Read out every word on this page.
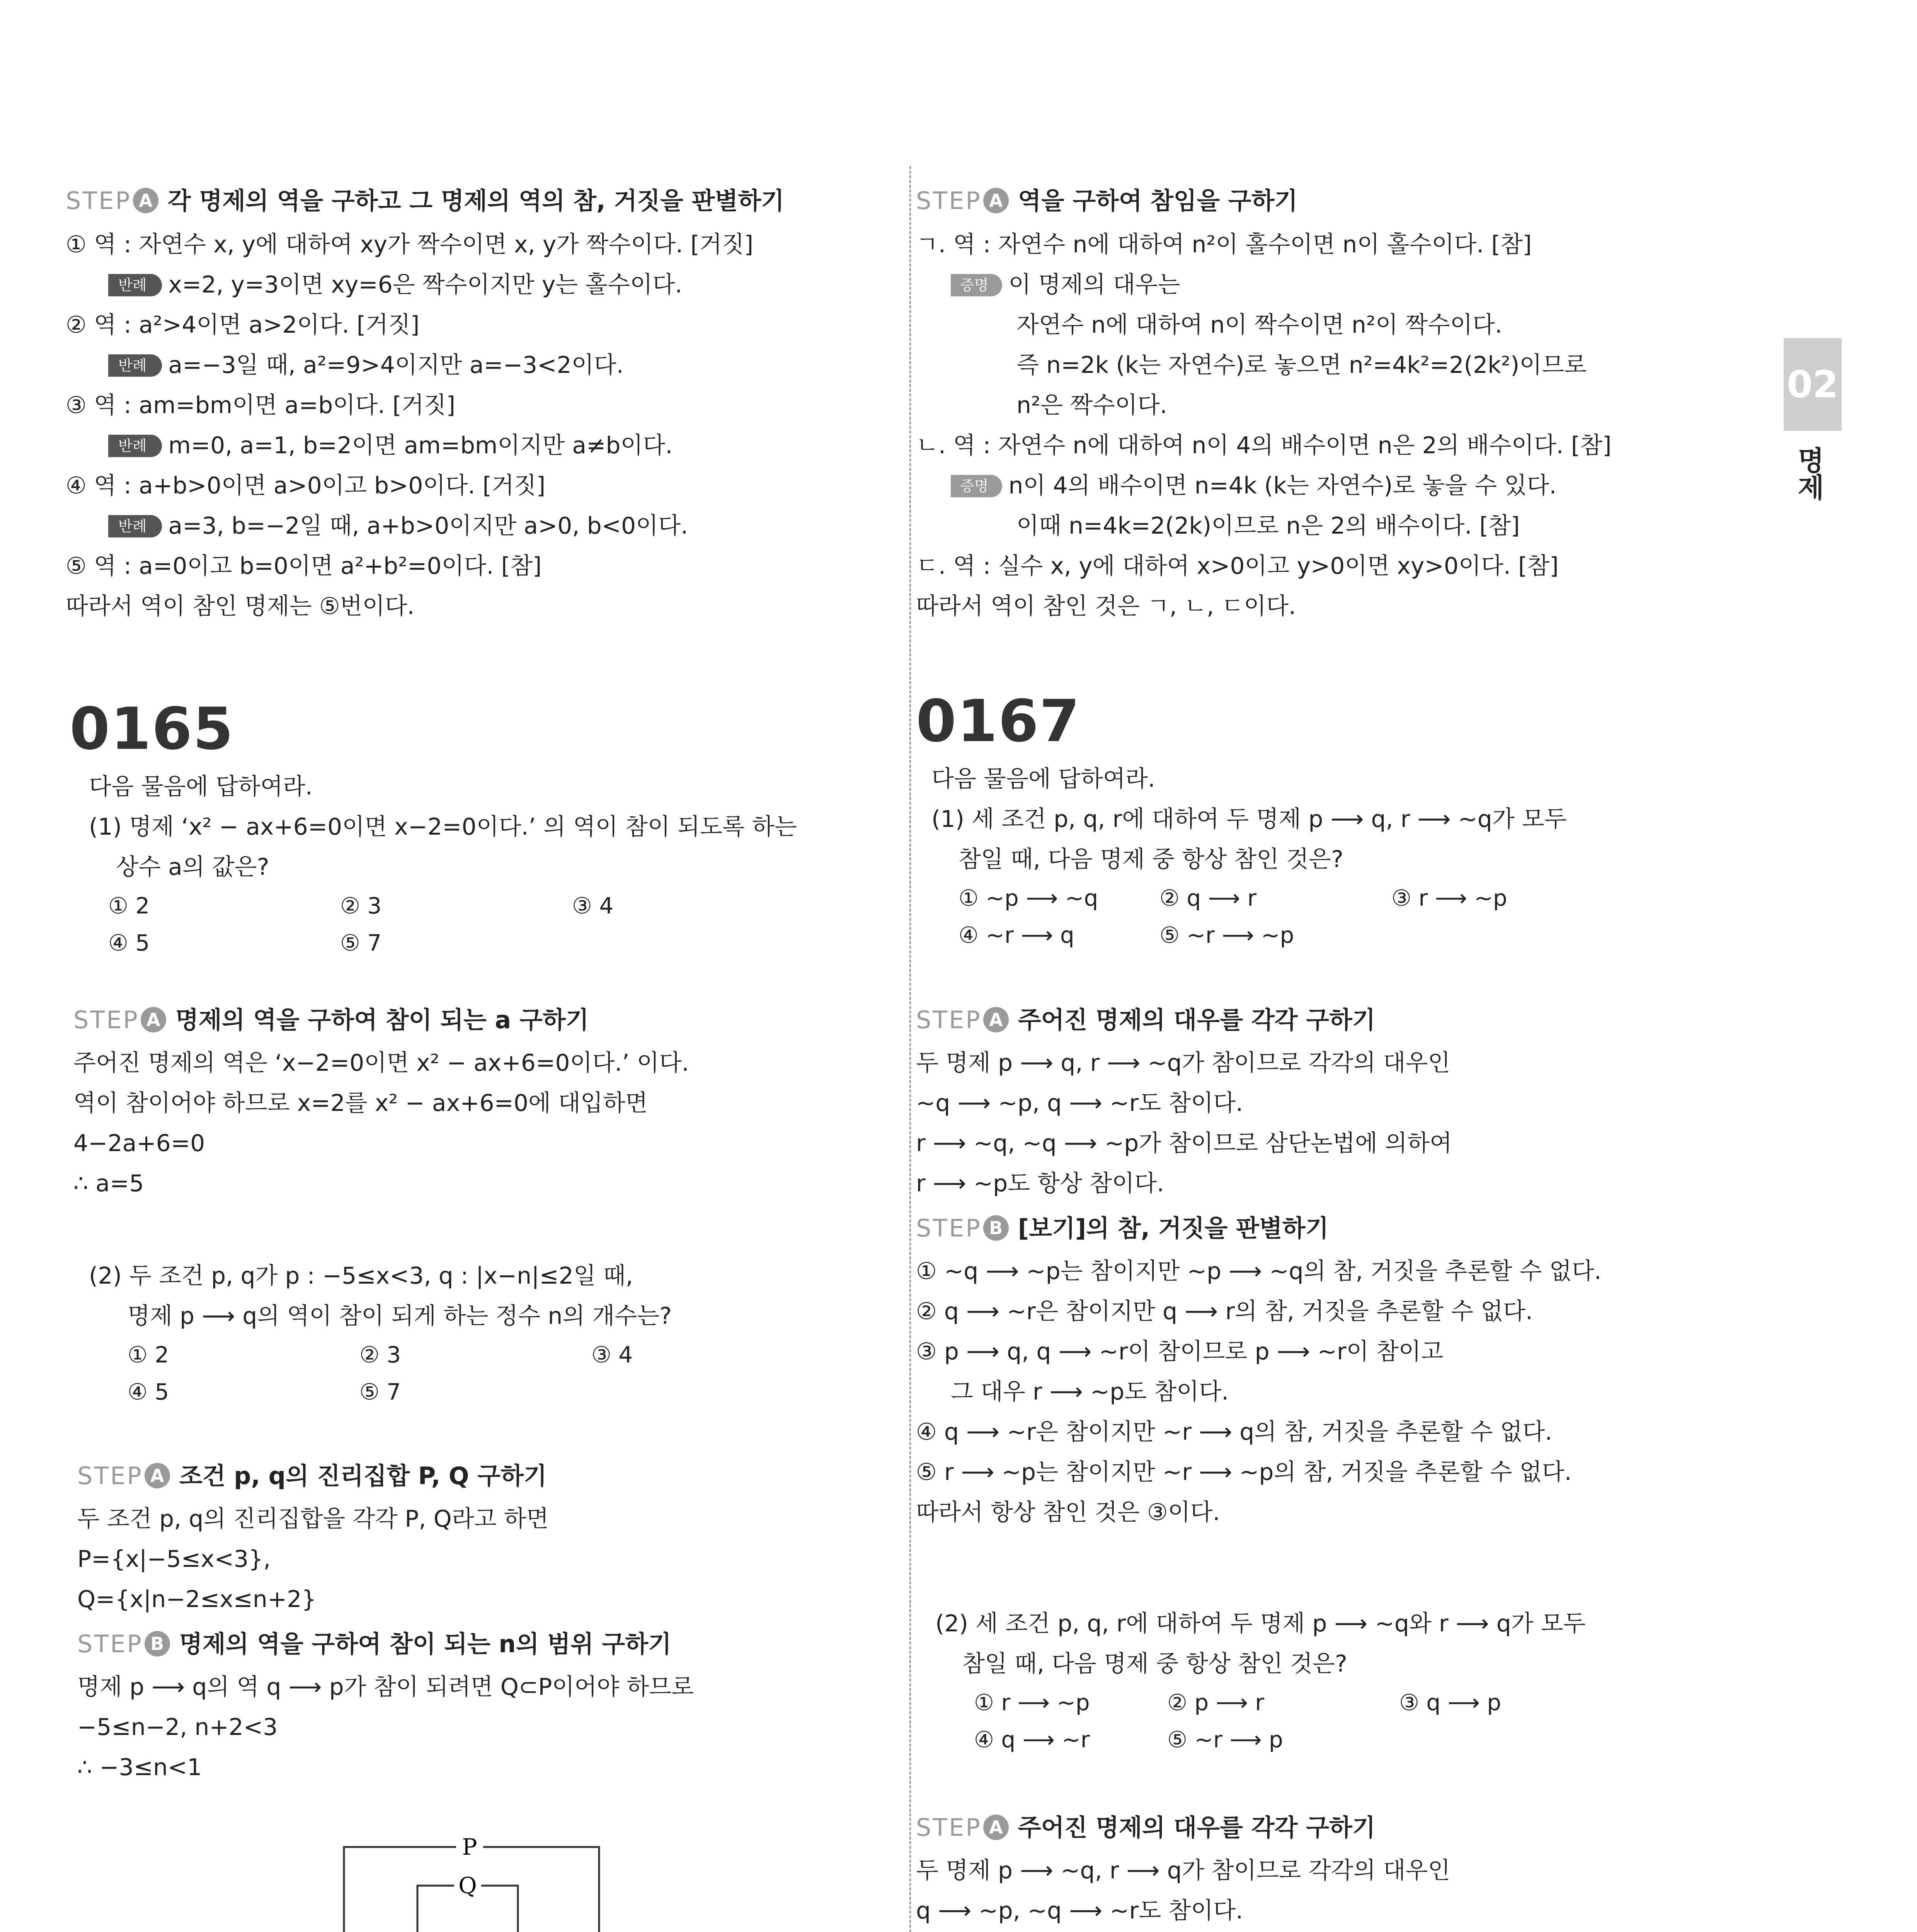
02
명제
STEP A 각 명제의 역을 구하고 그 명제의 역의 참, 거짓을 판별하기
① 역 : 자연수 x, y에 대하여 xy가 짝수이면 x, y가 짝수이다. [거짓]
반례 x=2, y=3이면 xy=6은 짝수이지만 y는 홀수이다.
② 역 : a²>4이면 a>2이다. [거짓]
반례 a=−3일 때, a²=9>4이지만 a=−3<2이다.
③ 역 : am=bm이면 a=b이다. [거짓]
반례 m=0, a=1, b=2이면 am=bm이지만 a≠b이다.
④ 역 : a+b>0이면 a>0이고 b>0이다. [거짓]
반례 a=3, b=−2일 때, a+b>0이지만 a>0, b<0이다.
⑤ 역 : a=0이고 b=0이면 a²+b²=0이다. [참]
따라서 역이 참인 명제는 ⑤번이다.
0165
다음 물음에 답하여라.
(1) 명제 ‘x² − ax+6=0이면 x−2=0이다.’ 의 역이 참이 되도록 하는
상수 a의 값은?
① 2	② 3	③ 4
④ 5	⑤ 7
STEP A 명제의 역을 구하여 참이 되는 a 구하기
주어진 명제의 역은 ‘x−2=0이면 x² − ax+6=0이다.’ 이다.
역이 참이어야 하므로 x=2를 x² − ax+6=0에 대입하면
4−2a+6=0
∴ a=5
(2) 두 조건 p, q가 p : −5≤x<3, q : |x−n|≤2일 때,
명제 p ⟶ q의 역이 참이 되게 하는 정수 n의 개수는?
① 2	② 3	③ 4
④ 5	⑤ 7
STEP A 조건 p, q의 진리집합 P, Q 구하기
두 조건 p, q의 진리집합을 각각 P, Q라고 하면
P={x|−5≤x<3},
Q={x|n−2≤x≤n+2}
STEP B 명제의 역을 구하여 참이 되는 n의 범위 구하기
명제 p ⟶ q의 역 q ⟶ p가 참이 되려면 Q⊂P이어야 하므로
−5≤n−2, n+2<3
∴ −3≤n<1
P
Q
STEP A 역을 구하여 참임을 구하기
ㄱ. 역 : 자연수 n에 대하여 n²이 홀수이면 n이 홀수이다. [참]
증명 이 명제의 대우는
자연수 n에 대하여 n이 짝수이면 n²이 짝수이다.
즉 n=2k (k는 자연수)로 놓으면 n²=4k²=2(2k²)이므로
n²은 짝수이다.
ㄴ. 역 : 자연수 n에 대하여 n이 4의 배수이면 n은 2의 배수이다. [참]
증명 n이 4의 배수이면 n=4k (k는 자연수)로 놓을 수 있다.
이때 n=4k=2(2k)이므로 n은 2의 배수이다. [참]
ㄷ. 역 : 실수 x, y에 대하여 x>0이고 y>0이면 xy>0이다. [참]
따라서 역이 참인 것은 ㄱ, ㄴ, ㄷ이다.
0167
다음 물음에 답하여라.
(1) 세 조건 p, q, r에 대하여 두 명제 p ⟶ q, r ⟶ ~q가 모두
참일 때, 다음 명제 중 항상 참인 것은?
① ~p ⟶ ~q	② q ⟶ r	③ r ⟶ ~p
④ ~r ⟶ q	⑤ ~r ⟶ ~p
STEP A 주어진 명제의 대우를 각각 구하기
두 명제 p ⟶ q, r ⟶ ~q가 참이므로 각각의 대우인
~q ⟶ ~p, q ⟶ ~r도 참이다.
r ⟶ ~q, ~q ⟶ ~p가 참이므로 삼단논법에 의하여
r ⟶ ~p도 항상 참이다.
STEP B [보기]의 참, 거짓을 판별하기
① ~q ⟶ ~p는 참이지만 ~p ⟶ ~q의 참, 거짓을 추론할 수 없다.
② q ⟶ ~r은 참이지만 q ⟶ r의 참, 거짓을 추론할 수 없다.
③ p ⟶ q, q ⟶ ~r이 참이므로 p ⟶ ~r이 참이고
그 대우 r ⟶ ~p도 참이다.
④ q ⟶ ~r은 참이지만 ~r ⟶ q의 참, 거짓을 추론할 수 없다.
⑤ r ⟶ ~p는 참이지만 ~r ⟶ ~p의 참, 거짓을 추론할 수 없다.
따라서 항상 참인 것은 ③이다.
(2) 세 조건 p, q, r에 대하여 두 명제 p ⟶ ~q와 r ⟶ q가 모두
참일 때, 다음 명제 중 항상 참인 것은?
① r ⟶ ~p	② p ⟶ r	③ q ⟶ p
④ q ⟶ ~r	⑤ ~r ⟶ p
STEP A 주어진 명제의 대우를 각각 구하기
두 명제 p ⟶ ~q, r ⟶ q가 참이므로 각각의 대우인
q ⟶ ~p, ~q ⟶ ~r도 참이다.
